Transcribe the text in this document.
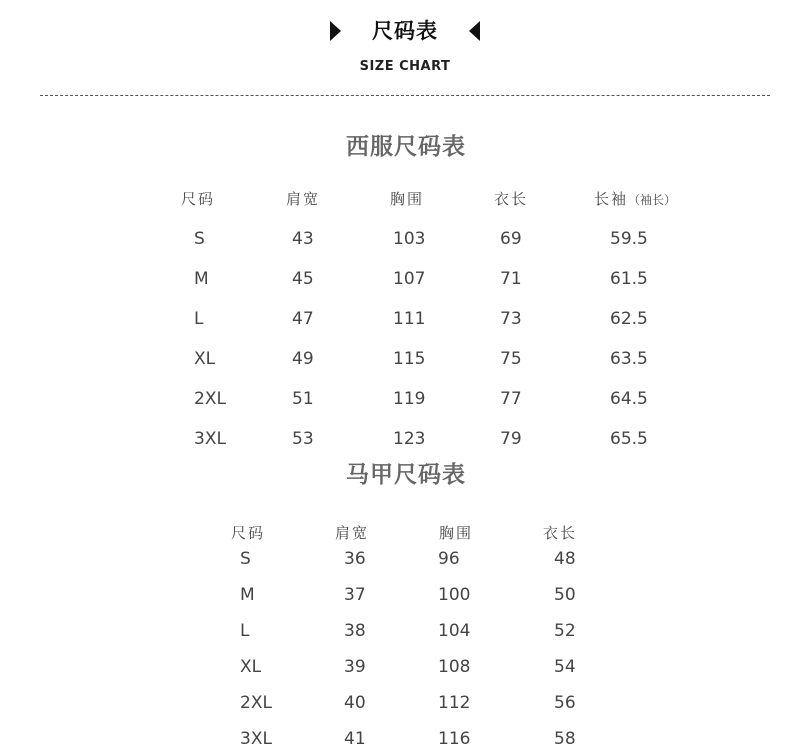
尺码表
SIZE CHART
西服尺码表
尺码	肩宽	胸围	衣长	长袖（袖长）
S	43	103	69	59.5
M	45	107	71	61.5
L	47	111	73	62.5
XL	49	115	75	63.5
2XL	51	119	77	64.5
3XL	53	123	79	65.5
马甲尺码表
尺码	肩宽	胸围	衣长
S	36	96	48
M	37	100	50
L	38	104	52
XL	39	108	54
2XL	40	112	56
3XL	41	116	58
